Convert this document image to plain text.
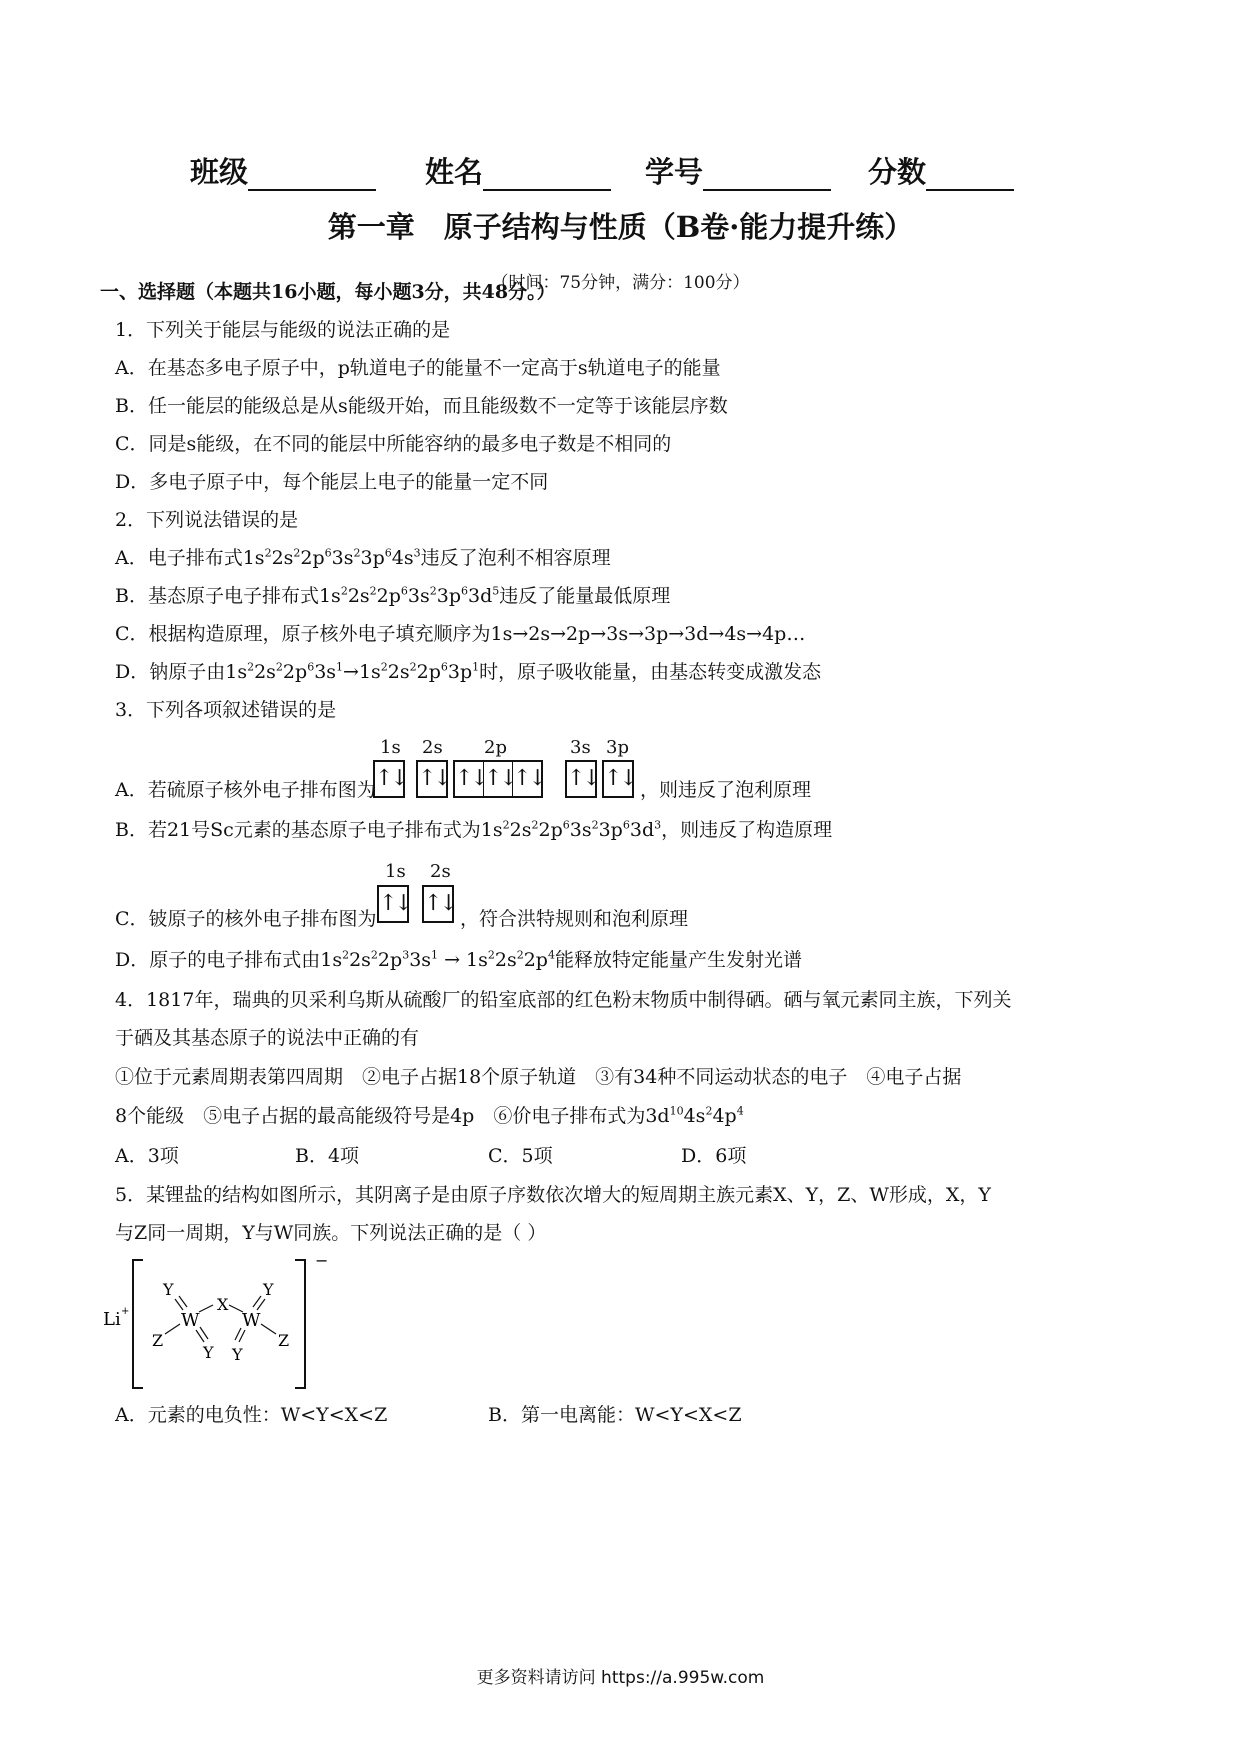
班级	姓名	学号	分数
第一章　原子结构与性质（B卷·能力提升练）
（时间：75分钟，满分：100分）
一、选择题（本题共16小题，每小题3分，共48分。）
1．下列关于能层与能级的说法正确的是
A．在基态多电子原子中，p轨道电子的能量不一定高于s轨道电子的能量
B．任一能层的能级总是从s能级开始，而且能级数不一定等于该能层序数
C．同是s能级，在不同的能层中所能容纳的最多电子数是不相同的
D．多电子原子中，每个能层上电子的能量一定不同
2．下列说法错误的是
A．电子排布式$1s^22s^22p^63s^23p^64s^3$违反了泡利不相容原理
B．基态原子电子排布式$1s^22s^22p^63s^23p^63d^5$违反了能量最低原理
C．根据构造原理，原子核外电子填充顺序为1s→2s→2p→3s→3p→3d→4s→4p…
D．钠原子由$1s^22s^22p^63s^1\to 1s^22s^22p^63p^1$时，原子吸收能量，由基态转变成激发态
3．下列各项叙述错误的是
1s 2s 2p	3s 3p
↑↓ ↑↓ ↑↓
↑↓
↑↓ ↑↓ ↑↓
A．若硫原子核外电子排布图为	，则违反了泡利原理
B．若21号Sc元素的基态原子电子排布式为$1s^22s^22p^63s^23p^63d^3$，则违反了构造原理
1s 2s
↑↓ ↑↓
C．铍原子的核外电子排布图为	，符合洪特规则和泡利原理
D．原子的电子排布式由$1s^22s^22p^33s^1 \to 1s^22s^22p^4$能释放特定能量产生发射光谱
4．1817年，瑞典的贝采利乌斯从硫酸厂的铅室底部的红色粉末物质中制得硒。硒与氧元素同主族，下列关
于硒及其基态原子的说法中正确的有
①位于元素周期表第四周期　②电子占据18个原子轨道　③有34种不同运动状态的电子　④电子占据
8个能级　⑤电子占据的最高能级符号是4p　⑥价电子排布式为$3d^{10}4s^24p^4$
A．3项	B．4项	C．5项	D．6项
5．某锂盐的结构如图所示，其阴离子是由原子序数依次增大的短周期主族元素X、Y，Z、W形成，X，Y
与Z同一周期，Y与W同族。下列说法正确的是（ ）
Li +
−
Y
W
X
W
Y
Z
Y Y
Z
A．元素的电负性：W<Y<X<Z	B．第一电离能：W<Y<X<Z
更多资料请访问 https://a.995w.com
